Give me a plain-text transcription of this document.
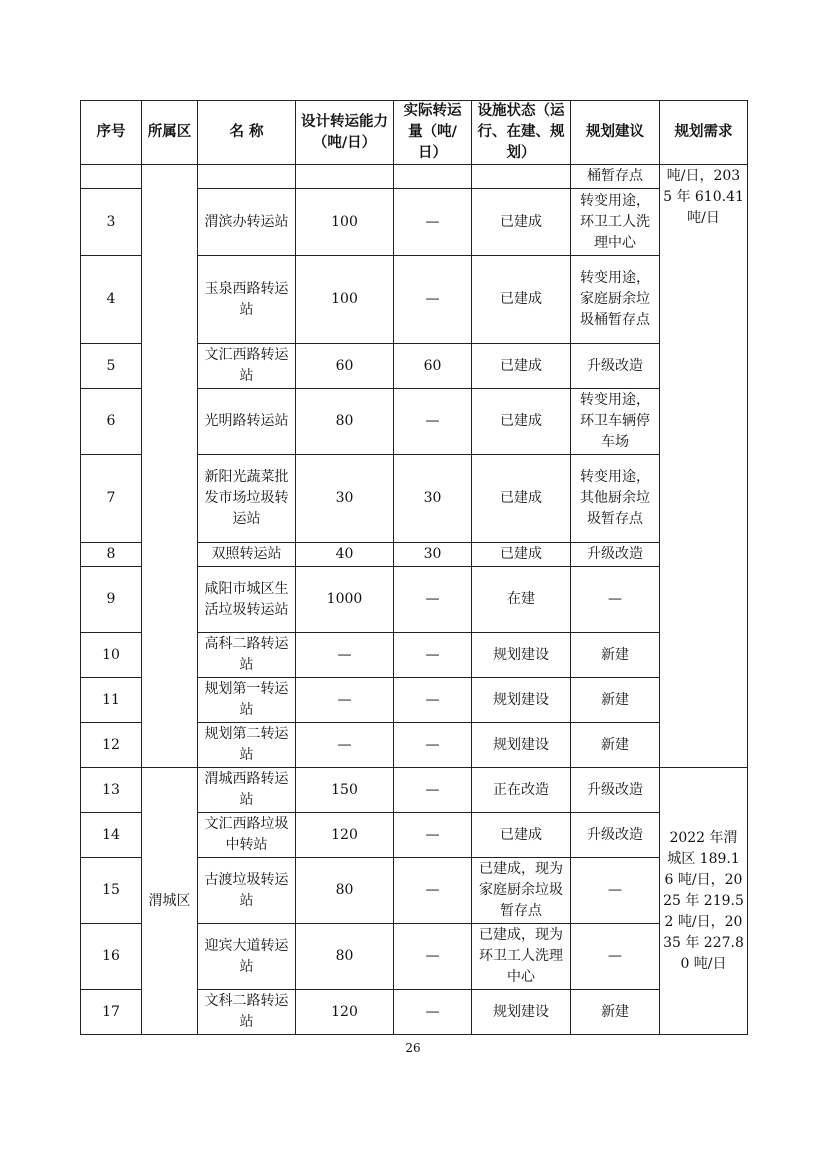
序号	所属区	名 称	设计转运能力（吨/日）	实际转运量（吨/日）	设施状态（运行、在建、规划）	规划建议	规划需求
						桶暂存点	吨/日，2035 年 610.41 吨/日
3		渭滨办转运站	100	—	已建成	转变用途，环卫工人洗理中心	
4		玉泉西路转运站	100	—	已建成	转变用途，家庭厨余垃圾桶暂存点	
5		文汇西路转运站	60	60	已建成	升级改造	
6		光明路转运站	80	—	已建成	转变用途，环卫车辆停车场	
7		新阳光蔬菜批发市场垃圾转运站	30	30	已建成	转变用途，其他厨余垃圾暂存点	
8		双照转运站	40	30	已建成	升级改造	
9		咸阳市城区生活垃圾转运站	1000	—	在建	—	
10		高科二路转运站	—	—	规划建设	新建	
11		规划第一转运站	—	—	规划建设	新建	
12		规划第二转运站	—	—	规划建设	新建	
13	渭城区	渭城西路转运站	150	—	正在改造	升级改造	2022 年渭城区 189.16 吨/日，2025 年 219.52 吨/日，2035 年 227.80 吨/日
14		文汇西路垃圾中转站	120	—	已建成	升级改造	
15		古渡垃圾转运站	80	—	已建成，现为家庭厨余垃圾暂存点	—	
16		迎宾大道转运站	80	—	已建成，现为环卫工人洗理中心	—	
17		文科二路转运站	120	—	规划建设	新建	
26
